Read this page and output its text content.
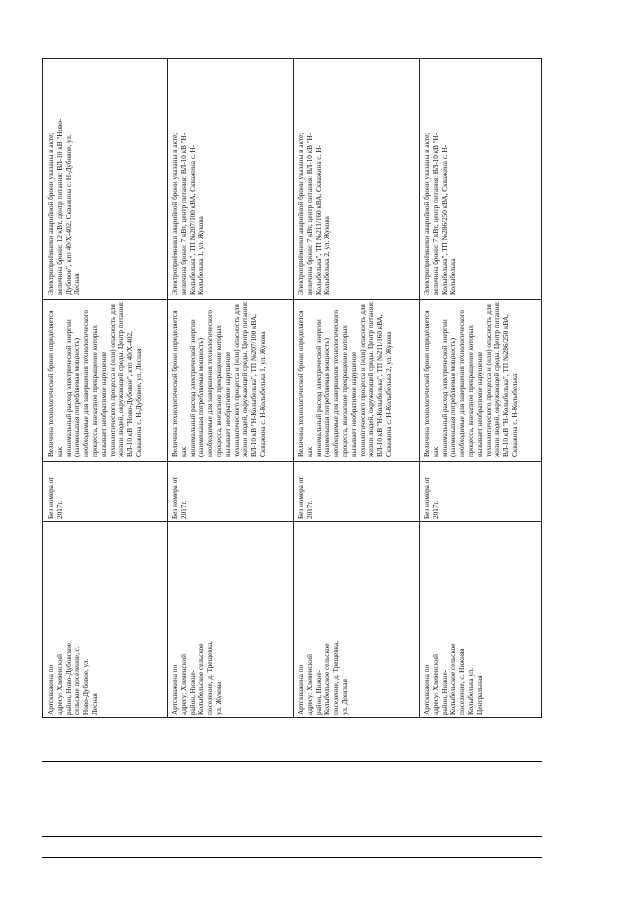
Электроприёмники аварийной брони указаны в акте;
величина брони: 12 кВт, центр питания: ВЛ-10 кВ "Ново-
Дубовое", ктп 40/Х-402, Скважина с. Н-Дубовое, ул.
Лесная
Величина технологической брони определяется как
минимальный расход электрической энергии
(наименьшая потребляемая мощность)
необходимые для завершения технологического
процесса, внезапное прекращение которых
вызывает необратимое нарушение
технологического процесса и (или) опасность для
жизни людей, окружающей среды. Центр питания:
ВЛ-10 кВ "Ново-Дубовое", ктп 40/Х-402,
Скважина с. Н-Дубовое, ул. Лесная
Без номера от
2017г.
Артскважина по
адресу: Хлевенский
район, Ново-Дубовское
сельское поселение, с.
Ново-Дубовое, ул.
Лесная
Электроприёмники аварийной брони указаны в акте;
величина брони: 7 кВт, центр питания: ВЛ-10 кВ "Н-
Колыбелька", ТП №207/100 кВА, Скважина с. Н-
Колыбелька 1, ул. Жукова
Величина технологической брони определяется как
минимальный расход электрической энергии
(наименьшая потребляемая мощность)
необходимые для завершения технологического
процесса, внезапное прекращение которых
вызывает необратимое нарушение
технологического процесса и (или) опасность для
жизни людей, окружающей среды. Центр питания:
ВЛ-10 кВ "Н-Колыбелька", ТП №207/100 кВА,
Скважина с. Н-Колыбелька 1, ул. Жукова
Без номера от
2017г.
Артскважина по
адресу: Хлевенский
район, Нижне-
Колыбельское сельское
поселение, д. Трещевка,
ул. Жукова
Электроприёмники аварийной брони указаны в акте;
величина брони: 7 кВт, центр питания: ВЛ-10 кВ "Н-
Колыбелька", ТП №211/160 кВА, Скважина с. Н-
Колыбелька 2, ул. Жукова
Величина технологической брони определяется как
минимальный расход электрической энергии
(наименьшая потребляемая мощность)
необходимые для завершения технологического
процесса, внезапное прекращение которых
вызывает необратимое нарушение
технологического процесса и (или) опасность для
жизни людей, окружающей среды. Центр питания:
ВЛ-10 кВ "Н-Колыбелька", ТП №211/160 кВА,
Скважина с. Н-Колыбелька 2, ул. Жукова
Без номера от
2017г.
Артскважина по
адресу: Хлевенский
район, Нижне-
Колыбельское сельское
поселение, д. Трещевка,
ул. Донская
Электроприёмники аварийной брони указаны в акте;
величина брони: 7 кВт, центр питания: ВЛ-10 кВ "Н-
Колыбелька", ТП №286/250 кВА, Скважина с. Н-
Колыбелька
Величина технологической брони определяется как
минимальный расход электрической энергии
(наименьшая потребляемая мощность)
необходимые для завершения технологического
процесса, внезапное прекращение которых
вызывает необратимое нарушение
технологического процесса и (или) опасность для
жизни людей, окружающей среды. Центр питания:
ВЛ-10 кВ "Н-Колыбелька", ТП №286/250 кВА,
Скважина с. Н-Колыбелька
Без номера от
2017г.
Артскважина по
адресу: Хлевенский
район, Нижне-
Колыбельское сельское
поселение, с. Нижняя
Колыбелька ул.
Центральная
